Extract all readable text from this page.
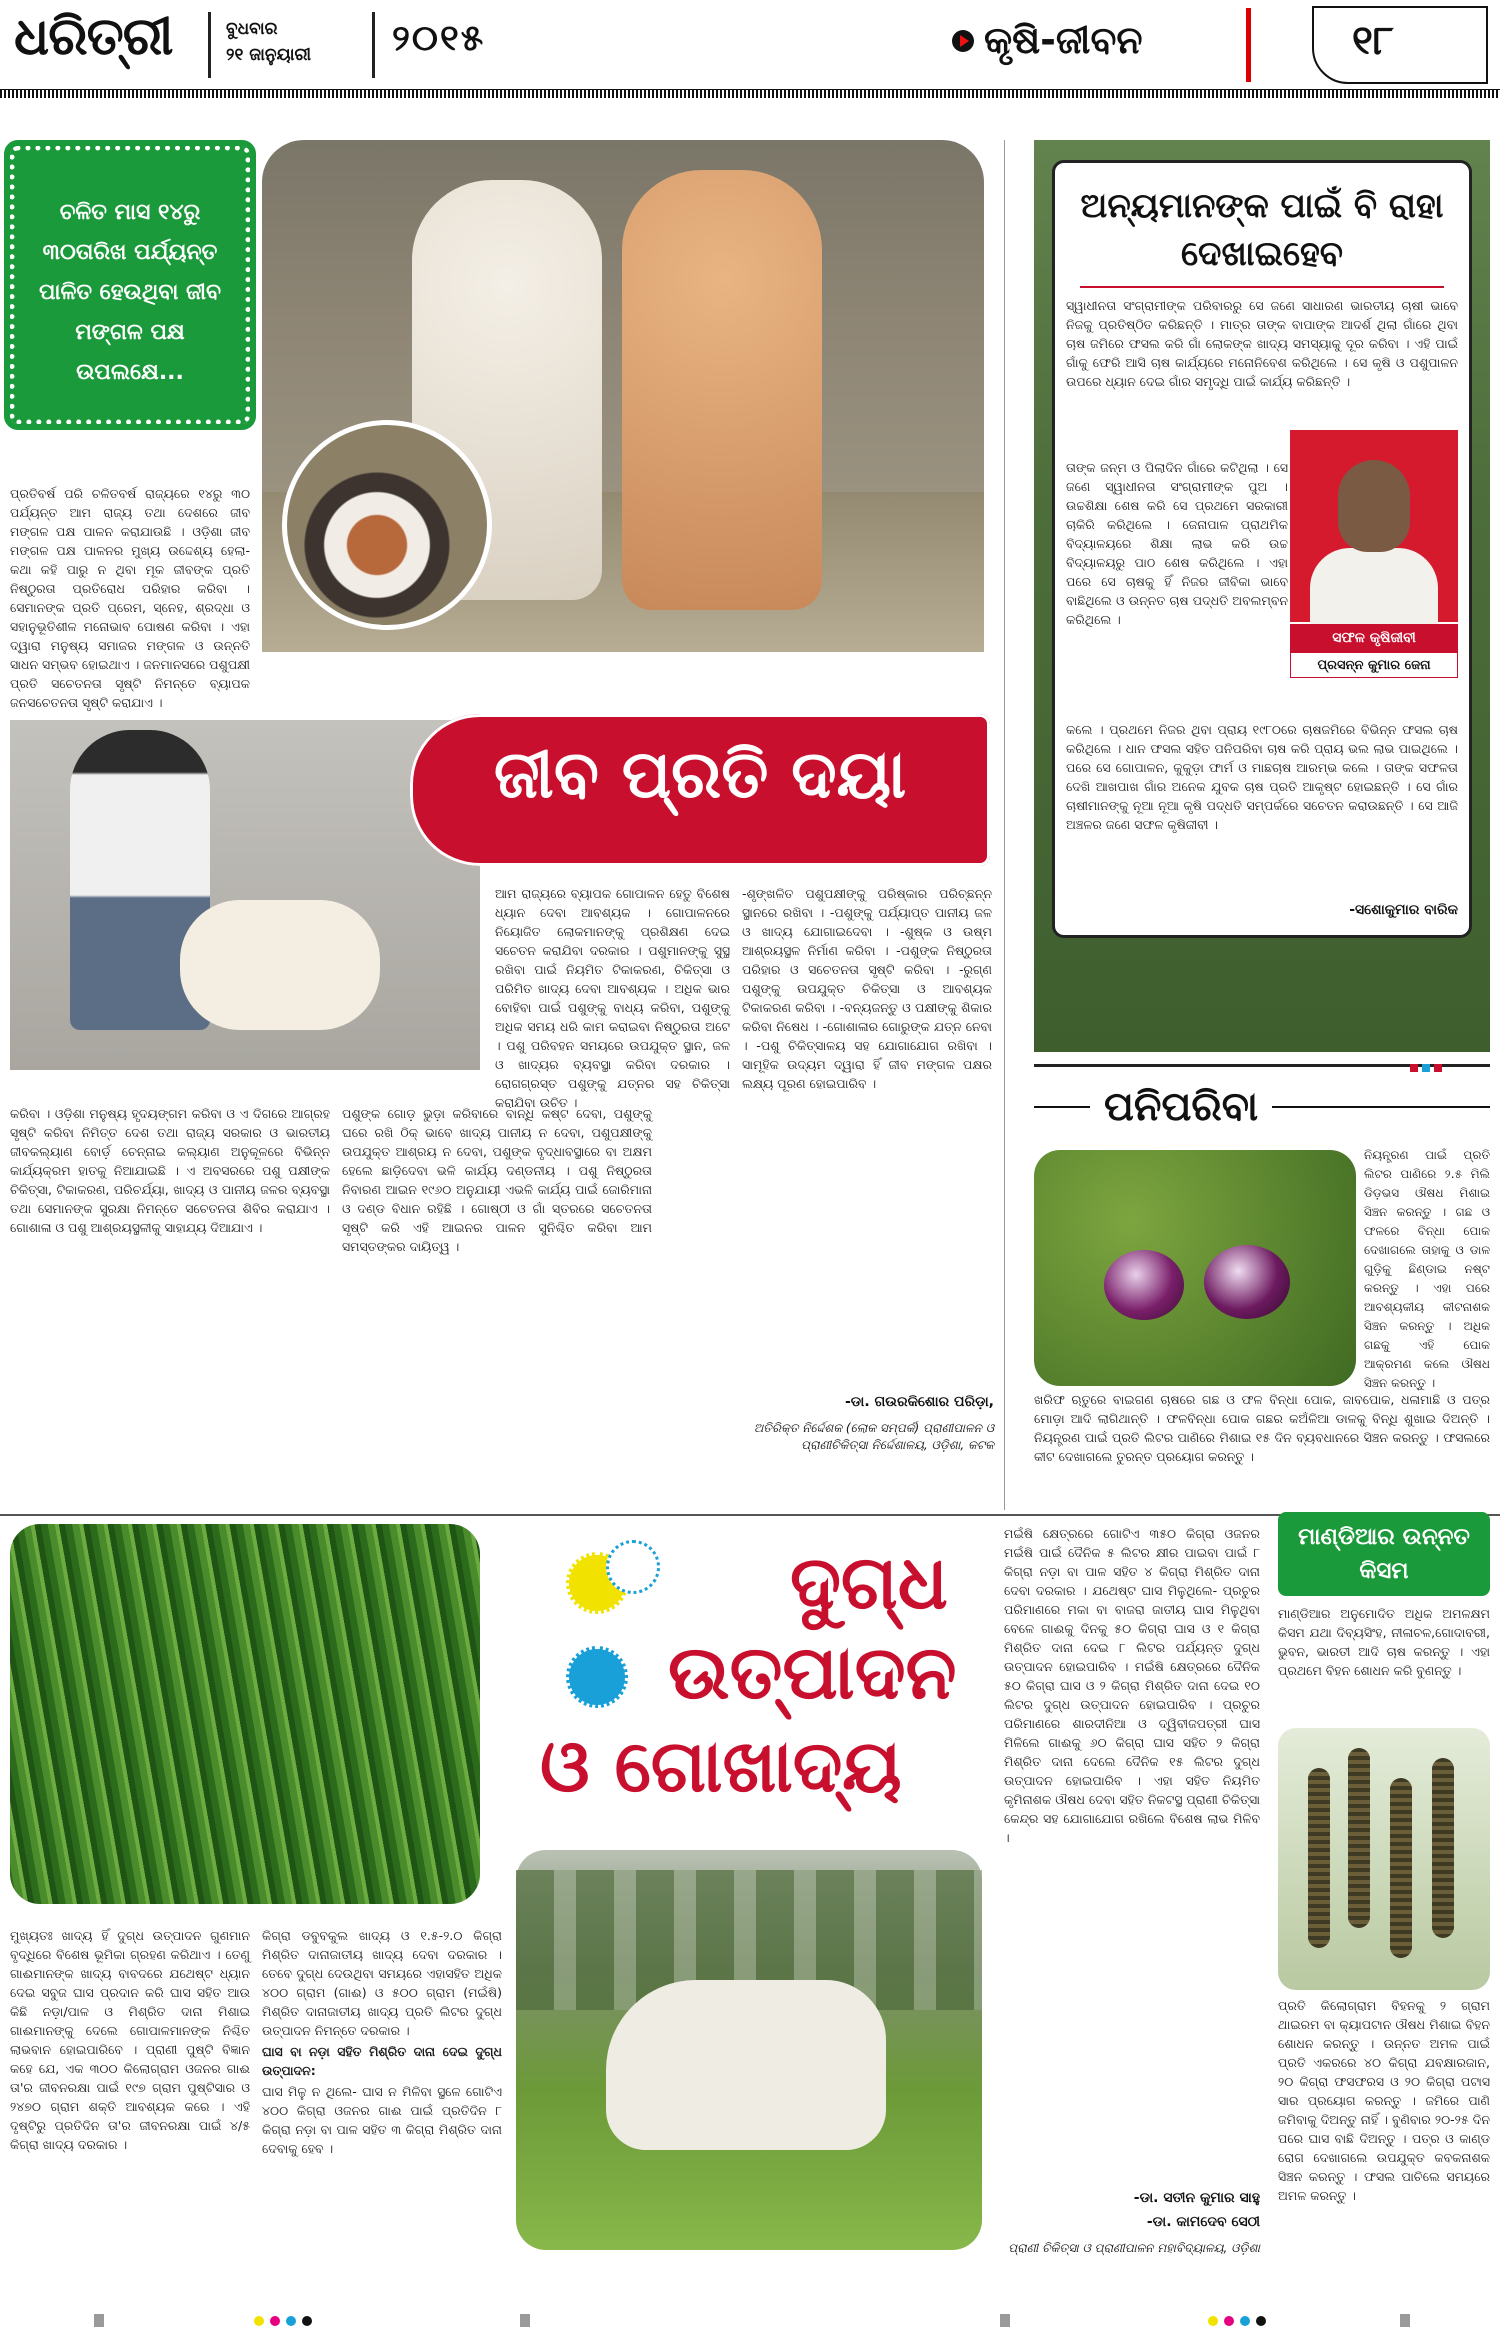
ଧରିତ୍ରୀ	ବୁଧବାର
୨୧ ଜାନୁୟାରୀ ୨୦୧୫	କୃଷି-ଜୀବନ	୧୮
ଚଳିତ ମାସ ୧୪ରୁ ୩୦ତାରିଖ ପର୍ଯ୍ୟନ୍ତ ପାଳିତ ହେଉଥିବା ଜୀବ ମଙ୍ଗଳ ପକ୍ଷ ଉପଲକ୍ଷେ...
ପ୍ରତିବର୍ଷ ପରି ଚଳିତବର୍ଷ ରାଜ୍ୟରେ ୧୪ରୁ ୩୦ ପର୍ଯ୍ୟନ୍ତ ଆମ ରାଜ୍ୟ ତଥା ଦେଶରେ ଜୀବ ମଙ୍ଗଳ ପକ୍ଷ ପାଳନ କରାଯାଉଛି । ଓଡ଼ିଶା ଜୀବ ମଙ୍ଗଳ ପକ୍ଷ ପାଳନର ମୁଖ୍ୟ ଉଦ୍ଦେଶ୍ୟ ହେଲା- କଥା କହି ପାରୁ ନ ଥିବା ମୂକ ଜୀବଙ୍କ ପ୍ରତି ନିଷ୍ଠୁରତା ପ୍ରତିରୋଧ ପରିହାର କରିବା । ସେମାନଙ୍କ ପ୍ରତି ପ୍ରେମ, ସ୍ନେହ, ଶ୍ରଦ୍ଧା ଓ ସହାନୁଭୂତିଶୀଳ ମନୋଭାବ ପୋଷଣ କରିବା । ଏହା ଦ୍ୱାରା ମନୁଷ୍ୟ ସମାଜର ମଙ୍ଗଳ ଓ ଉନ୍ନତି ସାଧନ ସମ୍ଭବ ହୋଇଥାଏ । ଜନମାନସରେ ପଶୁପକ୍ଷୀ ପ୍ରତି ସଚେତନତା ସୃଷ୍ଟି ନିମନ୍ତେ ବ୍ୟାପକ ଜନସଚେତନତା ସୃଷ୍ଟି କରାଯାଏ ।
ଜୀବ ପ୍ରତି ଦୟା
ଆମ ରାଜ୍ୟରେ ବ୍ୟାପକ ଗୋପାଳନ ହେତୁ ବିଶେଷ ଧ୍ୟାନ ଦେବା ଆବଶ୍ୟକ । ଗୋପାଳନରେ ନିୟୋଜିତ ଲୋକମାନଙ୍କୁ ପ୍ରଶିକ୍ଷଣ ଦେଇ ସଚେତନ କରାଯିବା ଦରକାର । ପଶୁମାନଙ୍କୁ ସୁସ୍ଥ ରଖିବା ପାଇଁ ନିୟମିତ ଟିକାକରଣ, ଚିକିତ୍ସା ଓ ପରିମିତ ଖାଦ୍ୟ ଦେବା ଆବଶ୍ୟକ । ଅଧିକ ଭାର ବୋହିବା ପାଇଁ ପଶୁଙ୍କୁ ବାଧ୍ୟ କରିବା, ପଶୁଙ୍କୁ ଅଧିକ ସମୟ ଧରି କାମ କରାଇବା ନିଷ୍ଠୁରତା ଅଟେ । ପଶୁ ପରିବହନ ସମୟରେ ଉପଯୁକ୍ତ ସ୍ଥାନ, ଜଳ ଓ ଖାଦ୍ୟର ବ୍ୟବସ୍ଥା କରିବା ଦରକାର । ରୋଗଗ୍ରସ୍ତ ପଶୁଙ୍କୁ ଯତ୍ନର ସହ ଚିକିତ୍ସା କରାଯିବା ଉଚିତ ।
-ଶୃଙ୍ଖଳିତ ପଶୁପକ୍ଷୀଙ୍କୁ ପରିଷ୍କାର ପରିଚ୍ଛନ୍ନ ସ୍ଥାନରେ ରଖିବା । -ପଶୁଙ୍କୁ ପର୍ଯ୍ୟାପ୍ତ ପାନୀୟ ଜଳ ଓ ଖାଦ୍ୟ ଯୋଗାଇଦେବା । -ଶୁଷ୍କ ଓ ଉଷ୍ମ ଆଶ୍ରୟସ୍ଥଳ ନିର୍ମାଣ କରିବା । -ପଶୁଙ୍କ ନିଷ୍ଠୁରତା ପରିହାର ଓ ସଚେତନତା ସୃଷ୍ଟି କରିବା । -ରୁଗ୍ଣ ପଶୁଙ୍କୁ ଉପଯୁକ୍ତ ଚିକିତ୍ସା ଓ ଆବଶ୍ୟକ ଟିକାକରଣ କରିବା । -ବନ୍ୟଜନ୍ତୁ ଓ ପକ୍ଷୀଙ୍କୁ ଶିକାର କରିବା ନିଷେଧ । -ଗୋଶାଳାର ଗୋରୁଙ୍କ ଯତ୍ନ ନେବା । -ପଶୁ ଚିକିତ୍ସାଳୟ ସହ ଯୋଗାଯୋଗ ରଖିବା । ସାମୂହିକ ଉଦ୍ୟମ ଦ୍ୱାରା ହିଁ ଜୀବ ମଙ୍ଗଳ ପକ୍ଷର ଲକ୍ଷ୍ୟ ପୂରଣ ହୋଇପାରିବ ।
କରିବା । ଓଡ଼ିଶା ମନୁଷ୍ୟ ହୃଦୟଙ୍ଗମ କରିବା ଓ ଏ ଦିଗରେ ଆଗ୍ରହ ସୃଷ୍ଟି କରିବା ନିମିତ୍ତ ଦେଶ ତଥା ରାଜ୍ୟ ସରକାର ଓ ଭାରତୀୟ ଜୀବକଲ୍ୟାଣ ବୋର୍ଡ଼ ଚେନ୍ନାଇ କଲ୍ୟାଣ ଅନୁକୂଳରେ ବିଭିନ୍ନ କାର୍ଯ୍ୟକ୍ରମ ହାତକୁ ନିଆଯାଇଛି । ଏ ଅବସରରେ ପଶୁ ପକ୍ଷୀଙ୍କ ଚିକିତ୍ସା, ଟିକାକରଣ, ପରିଚର୍ଯ୍ୟା, ଖାଦ୍ୟ ଓ ପାନୀୟ ଜଳର ବ୍ୟବସ୍ଥା ତଥା ସେମାନଙ୍କ ସୁରକ୍ଷା ନିମନ୍ତେ ସଚେତନତା ଶିବିର କରାଯାଏ । ଗୋଶାଳା ଓ ପଶୁ ଆଶ୍ରୟସ୍ଥଳୀକୁ ସାହାଯ୍ୟ ଦିଆଯାଏ ।
ପଶୁଙ୍କ ଗୋଡ଼ ଭୁଡ଼ା କରିବାରେ ବାନ୍ଧି କଷ୍ଟ ଦେବା, ପଶୁଙ୍କୁ ଘରେ ରଖି ଠିକ୍ ଭାବେ ଖାଦ୍ୟ ପାନୀୟ ନ ଦେବା, ପଶୁପକ୍ଷୀଙ୍କୁ ଉପଯୁକ୍ତ ଆଶ୍ରୟ ନ ଦେବା, ପଶୁଙ୍କ ବୃଦ୍ଧାବସ୍ଥାରେ ବା ଅକ୍ଷମ ହେଲେ ଛାଡ଼ିଦେବା ଭଳି କାର୍ଯ୍ୟ ଦଣ୍ଡନୀୟ । ପଶୁ ନିଷ୍ଠୁରତା ନିବାରଣ ଆଇନ ୧୯୬୦ ଅନୁଯାୟୀ ଏଭଳି କାର୍ଯ୍ୟ ପାଇଁ ଜୋରିମାନା ଓ ଦଣ୍ଡ ବିଧାନ ରହିଛି । ଗୋଷ୍ଠୀ ଓ ଗାଁ ସ୍ତରରେ ସଚେତନତା ସୃଷ୍ଟି କରି ଏହି ଆଇନର ପାଳନ ସୁନିଶ୍ଚିତ କରିବା ଆମ ସମସ୍ତଙ୍କର ଦାୟିତ୍ୱ ।
-ଡା. ଗଉରକିଶୋର ପରିଡ଼ା,
ଅତିରିକ୍ତ ନିର୍ଦ୍ଦେଶକ (ଲୋକ ସମ୍ପର୍କ) ପ୍ରାଣୀପାଳନ ଓ ପ୍ରାଣୀଚିକିତ୍ସା ନିର୍ଦ୍ଦେଶାଳୟ, ଓଡ଼ିଶା, କଟକ
ଅନ୍ୟମାନଙ୍କ ପାଇଁ ବି ରାହା ଦେଖାଇହେବ
ସ୍ୱାଧୀନତା ସଂଗ୍ରାମୀଙ୍କ ପରିବାରରୁ ସେ ଜଣେ ସାଧାରଣ ଭାରତୀୟ ଚାଷୀ ଭାବେ ନିଜକୁ ପ୍ରତିଷ୍ଠିତ କରିଛନ୍ତି । ମାତ୍ର ତାଙ୍କ ବାପାଙ୍କ ଆଦର୍ଶ ଥିଲା ଗାଁରେ ଥିବା ଚାଷ ଜମିରେ ଫସଲ କରି ଗାଁ ଲୋକଙ୍କ ଖାଦ୍ୟ ସମସ୍ୟାକୁ ଦୂର କରିବା । ଏହି ପାଇଁ ଗାଁକୁ ଫେରି ଆସି ଚାଷ କାର୍ଯ୍ୟରେ ମନୋନିବେଶ କରିଥିଲେ । ସେ କୃଷି ଓ ପଶୁପାଳନ ଉପରେ ଧ୍ୟାନ ଦେଇ ଗାଁର ସମୃଦ୍ଧି ପାଇଁ କାର୍ଯ୍ୟ କରିଛନ୍ତି ।
ତାଙ୍କ ଜନ୍ମ ଓ ପିଲାଦିନ ଗାଁରେ କଟିଥିଲା । ସେ ଜଣେ ସ୍ୱାଧୀନତା ସଂଗ୍ରାମୀଙ୍କ ପୁଅ । ଉଚ୍ଚଶିକ୍ଷା ଶେଷ କରି ସେ ପ୍ରଥମେ ସରକାରୀ ଚାକିରି କରିଥିଲେ । ଜେନାପାଳ ପ୍ରାଥମିକ ବିଦ୍ୟାଳୟରେ ଶିକ୍ଷା ଲାଭ କରି ଉଚ୍ଚ ବିଦ୍ୟାଳୟରୁ ପାଠ ଶେଷ କରିଥିଲେ । ଏହା ପରେ ସେ ଚାଷକୁ ହିଁ ନିଜର ଜୀବିକା ଭାବେ ବାଛିଥିଲେ ଓ ଉନ୍ନତ ଚାଷ ପଦ୍ଧତି ଅବଲମ୍ବନ କରିଥିଲେ ।
ସଫଳ କୃଷିଜୀବୀ
ପ୍ରସନ୍ନ କୁମାର ଜେନା
କଲେ । ପ୍ରଥମେ ନିଜର ଥିବା ପ୍ରାୟ ୧୯୮୦ରେ ଚାଷଜମିରେ ବିଭିନ୍ନ ଫସଲ ଚାଷ କରିଥିଲେ । ଧାନ ଫସଲ ସହିତ ପନିପରିବା ଚାଷ କରି ପ୍ରାୟ ଭଲ ଲାଭ ପାଇଥିଲେ । ପରେ ସେ ଗୋପାଳନ, କୁକୁଡ଼ା ଫାର୍ମ ଓ ମାଛଚାଷ ଆରମ୍ଭ କଲେ । ତାଙ୍କ ସଫଳତା ଦେଖି ଆଖପାଖ ଗାଁର ଅନେକ ଯୁବକ ଚାଷ ପ୍ରତି ଆକୃଷ୍ଟ ହୋଇଛନ୍ତି । ସେ ଗାଁର ଚାଷୀମାନଙ୍କୁ ନୂଆ ନୂଆ କୃଷି ପଦ୍ଧତି ସମ୍ପର୍କରେ ସଚେତନ କରାଉଛନ୍ତି । ସେ ଆଜି ଅଞ୍ଚଳର ଜଣେ ସଫଳ କୃଷିଜୀବୀ ।
-ସଶୋକୁମାର ବାରିକ
ପନିପରିବା
ନିୟନ୍ତ୍ରଣ ପାଇଁ ପ୍ରତି ଲିଟର ପାଣିରେ ୨.୫ ମିଲି ଡିଡ଼ଭସ ଔଷଧ ମିଶାଇ ସିଞ୍ଚନ କରନ୍ତୁ । ଗଛ ଓ ଫଳରେ ବିନ୍ଧା ପୋକ ଦେଖାଗଲେ ତାହାକୁ ଓ ଡାଳ ଗୁଡ଼ିକୁ ଛିଣ୍ଡାଇ ନଷ୍ଟ କରନ୍ତୁ । ଏହା ପରେ ଆବଶ୍ୟକୀୟ କୀଟନାଶକ ସିଞ୍ଚନ କରନ୍ତୁ । ଅଧିକ ଗଛକୁ ଏହି ପୋକ ଆକ୍ରମଣ କଲେ ଔଷଧ ସିଞ୍ଚନ କରନ୍ତୁ ।
ଖରିଫ ଋତୁରେ ବାଇଗଣ ଚାଷରେ ଗଛ ଓ ଫଳ ବିନ୍ଧା ପୋକ, ଜାବପୋକ, ଧଳାମାଛି ଓ ପତ୍ର ମୋଡ଼ା ଆଦି ଲାଗିଥାନ୍ତି । ଫଳବିନ୍ଧା ପୋକ ଗଛର କଅଁଳିଆ ଡାଳକୁ ବିନ୍ଧି ଶୁଖାଇ ଦିଅନ୍ତି । ନିୟନ୍ତ୍ରଣ ପାଇଁ ପ୍ରତି ଲିଟର ପାଣିରେ ମିଶାଇ ୧୫ ଦିନ ବ୍ୟବଧାନରେ ସିଞ୍ଚନ କରନ୍ତୁ । ଫସଲରେ କୀଟ ଦେଖାଗଲେ ତୁରନ୍ତ ପ୍ରୟୋଗ କରନ୍ତୁ ।
ଦୁଗ୍ଧ
ଉତ୍ପାଦନ
ଓ ଗୋଖାଦ୍ୟ
ମୁଖ୍ୟତଃ ଖାଦ୍ୟ ହିଁ ଦୁଗ୍ଧ ଉତ୍ପାଦନ ଗୁଣମାନ ବୃଦ୍ଧିରେ ବିଶେଷ ଭୂମିକା ଗ୍ରହଣ କରିଥାଏ । ତେଣୁ ଗାଈମାନଙ୍କ ଖାଦ୍ୟ ବାବଦରେ ଯଥେଷ୍ଟ ଧ୍ୟାନ ଦେଇ ସବୁଜ ଘାସ ପ୍ରଦାନ କରି ଘାସ ସହିତ ଆଉ କିଛି ନଡ଼ା/ପାଳ ଓ ମିଶ୍ରିତ ଦାନା ମିଶାଇ ଗାଈମାନଙ୍କୁ ଦେଲେ ଗୋପାଳମାନଙ୍କ ନିଶ୍ଚିତ ଲାଭବାନ ହୋଇପାରିବେ । ପ୍ରାଣୀ ପୁଷ୍ଟି ବିଜ୍ଞାନ କହେ ଯେ, ଏକ ୩୦୦ କିଲୋଗ୍ରାମ ଓଜନର ଗାଈ ତା'ର ଜୀବନରକ୍ଷା ପାଇଁ ୧୯୭ ଗ୍ରାମ ପୁଷ୍ଟିସାର ଓ ୨୪୭୦ ଗ୍ରାମ ଶକ୍ତି ଆବଶ୍ୟକ କରେ । ଏହି ଦୃଷ୍ଟିରୁ ପ୍ରତିଦିନ ତା'ର ଜୀବନରକ୍ଷା ପାଇଁ ୪/୫ କିଗ୍ରା ଖାଦ୍ୟ ଦରକାର ।

କିଗ୍ରା ଡବୁବକୁଲ ଖାଦ୍ୟ ଓ ୧.୫-୨.୦ କିଗ୍ରା ମିଶ୍ରିତ ଦାନାଜାତୀୟ ଖାଦ୍ୟ ଦେବା ଦରକାର । ତେବେ ଦୁଗ୍ଧ ଦେଉଥିବା ସମୟରେ ଏହାସହିତ ଅଧିକ ୪୦୦ ଗ୍ରାମ (ଗାଈ) ଓ ୫୦୦ ଗ୍ରାମ (ମଇଁଷି) ମିଶ୍ରିତ ଦାନାଜାତୀୟ ଖାଦ୍ୟ ପ୍ରତି ଲିଟର ଦୁଗ୍ଧ ଉତ୍ପାଦନ ନିମନ୍ତେ ଦରକାର ।

ଘାସ ବା ନଡ଼ା ସହିତ ମିଶ୍ରିତ ଦାନା ଦେଇ ଦୁଗ୍ଧ ଉତ୍ପାଦନ:

ଘାସ ମିଳୁ ନ ଥିଲେ- ଘାସ ନ ମିଳିବା ସ୍ଥଳେ ଗୋଟିଏ ୪୦୦ କିଗ୍ରା ଓଜନର ଗାଈ ପାଇଁ ପ୍ରତିଦିନ ୮ କିଗ୍ରା ନଡ଼ା ବା ପାଳ ସହିତ ୩ କିଗ୍ରା ମିଶ୍ରିତ ଦାନା ଦେବାକୁ ହେବ ।

ମଇଁଷି କ୍ଷେତ୍ରରେ ଗୋଟିଏ ୩୫୦ କିଗ୍ରା ଓଜନର ମଇଁଷି ପାଇଁ ଦୈନିକ ୫ ଲିଟର କ୍ଷୀର ପାଇବା ପାଇଁ ୮ କିଗ୍ରା ନଡ଼ା ବା ପାଳ ସହିତ ୪ କିଗ୍ରା ମିଶ୍ରିତ ଦାନା ଦେବା ଦରକାର । ଯଥେଷ୍ଟ ଘାସ ମିଳୁଥିଲେ- ପ୍ରଚୁର ପରିମାଣରେ ମକା ବା ବାଜରା ଜାତୀୟ ଘାସ ମିଳୁଥିବା ବେଳେ ଗାଈକୁ ଦିନକୁ ୫୦ କିଗ୍ରା ଘାସ ଓ ୧ କିଗ୍ରା ମିଶ୍ରିତ ଦାନା ଦେଇ ୮ ଲିଟର ପର୍ଯ୍ୟନ୍ତ ଦୁଗ୍ଧ ଉତ୍ପାଦନ ହୋଇପାରିବ । ମଇଁଷି କ୍ଷେତ୍ରରେ ଦୈନିକ ୫୦ କିଗ୍ରା ଘାସ ଓ ୨ କିଗ୍ରା ମିଶ୍ରିତ ଦାନା ଦେଇ ୧୦ ଲିଟର ଦୁଗ୍ଧ ଉତ୍ପାଦନ ହୋଇପାରିବ । ପ୍ରଚୁର ପରିମାଣରେ ଶାରଦୀନିଆ ଓ ଦ୍ୱିବୀଜପତ୍ରୀ ଘାସ ମିଳିଲେ ଗାଈକୁ ୬୦ କିଗ୍ରା ଘାସ ସହିତ ୨ କିଗ୍ରା ମିଶ୍ରିତ ଦାନା ଦେଲେ ଦୈନିକ ୧୫ ଲିଟର ଦୁଗ୍ଧ ଉତ୍ପାଦନ ହୋଇପାରିବ । ଏହା ସହିତ ନିୟମିତ କୃମିନାଶକ ଔଷଧ ଦେବା ସହିତ ନିକଟସ୍ଥ ପ୍ରାଣୀ ଚିକିତ୍ସା କେନ୍ଦ୍ର ସହ ଯୋଗାଯୋଗ ରଖିଲେ ବିଶେଷ ଲାଭ ମିଳିବ ।
-ଡା. ସତୀନ କୁମାର ସାହୁ
-ଡା. କାମଦେବ ସେଠୀ
ପ୍ରାଣୀ ଚିକିତ୍ସା ଓ ପ୍ରାଣୀପାଳନ ମହାବିଦ୍ୟାଳୟ, ଓଡ଼ିଶା
ମାଣ୍ଡିଆର ଉନ୍ନତ କିସମ
ମାଣ୍ଡିଆର ଅନୁମୋଦିତ ଅଧିକ ଅମଳକ୍ଷମ କିସମ ଯଥା ଦିବ୍ୟସିଂହ, ନୀଳାଚଳ,ଗୋଦାବରୀ, ଭୁବନ, ଭାରତୀ ଆଦି ଚାଷ କରନ୍ତୁ । ଏହା ପ୍ରଥମେ ବିହନ ଶୋଧନ କରି ବୁଣନ୍ତୁ ।
ପ୍ରତି କିଲୋଗ୍ରାମ ବିହନକୁ ୨ ଗ୍ରାମ ଥାଇରମ ବା କ୍ୟାପଟାନ ଔଷଧ ମିଶାଇ ବିହନ ଶୋଧନ କରନ୍ତୁ । ଉନ୍ନତ ଅମଳ ପାଇଁ ପ୍ରତି ଏକରରେ ୪୦ କିଗ୍ରା ଯବକ୍ଷାରଜାନ, ୨୦ କିଗ୍ରା ଫସଫରସ ଓ ୨୦ କିଗ୍ରା ପଟାସ ସାର ପ୍ରୟୋଗ କରନ୍ତୁ । ଜମିରେ ପାଣି ଜମିବାକୁ ଦିଅନ୍ତୁ ନାହିଁ । ବୁଣିବାର ୨୦-୨୫ ଦିନ ପରେ ଘାସ ବାଛି ଦିଅନ୍ତୁ । ପତ୍ର ଓ କାଣ୍ଡ ରୋଗ ଦେଖାଗଲେ ଉପଯୁକ୍ତ କବକନାଶକ ସିଞ୍ଚନ କରନ୍ତୁ । ଫସଲ ପାଚିଲେ ସମୟରେ ଅମଳ କରନ୍ତୁ ।
